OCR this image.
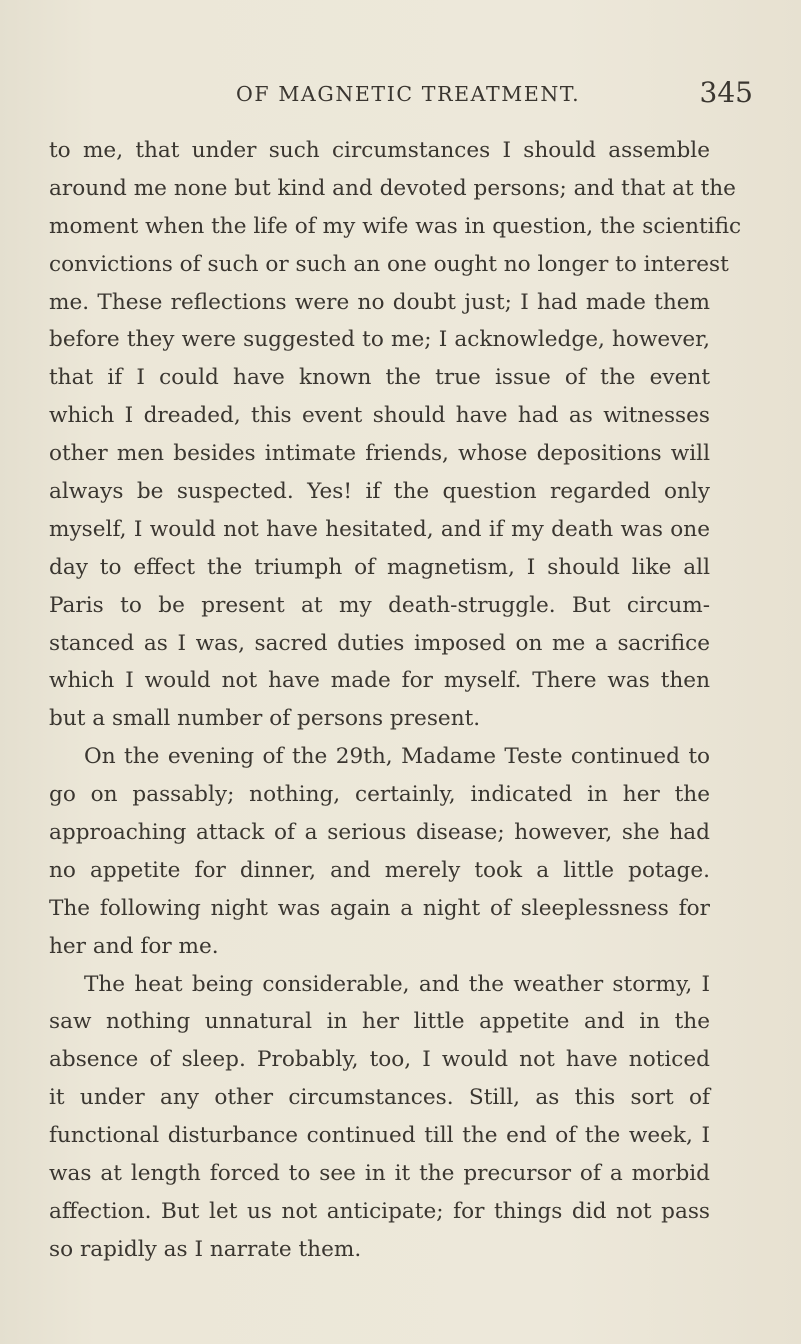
OF MAGNETIC TREATMENT.	345
to me, that under such circumstances I should assemble
around me none but kind and devoted persons; and that at the
moment when the life of my wife was in question, the scientific
convictions of such or such an one ought no longer to interest
me. These reflections were no doubt just; I had made them
before they were suggested to me; I acknowledge, however,
that if I could have known the true issue of the event
which I dreaded, this event should have had as witnesses
other men besides intimate friends, whose depositions will
always be suspected. Yes! if the question regarded only
myself, I would not have hesitated, and if my death was one
day to effect the triumph of magnetism, I should like all
Paris to be present at my death-struggle. But circum-
stanced as I was, sacred duties imposed on me a sacrifice
which I would not have made for myself. There was then
but a small number of persons present.
On the evening of the 29th, Madame Teste continued to
go on passably; nothing, certainly, indicated in her the
approaching attack of a serious disease; however, she had
no appetite for dinner, and merely took a little potage.
The following night was again a night of sleeplessness for
her and for me.
The heat being considerable, and the weather stormy, I
saw nothing unnatural in her little appetite and in the
absence of sleep. Probably, too, I would not have noticed
it under any other circumstances. Still, as this sort of
functional disturbance continued till the end of the week, I
was at length forced to see in it the precursor of a morbid
affection. But let us not anticipate; for things did not pass
so rapidly as I narrate them.
